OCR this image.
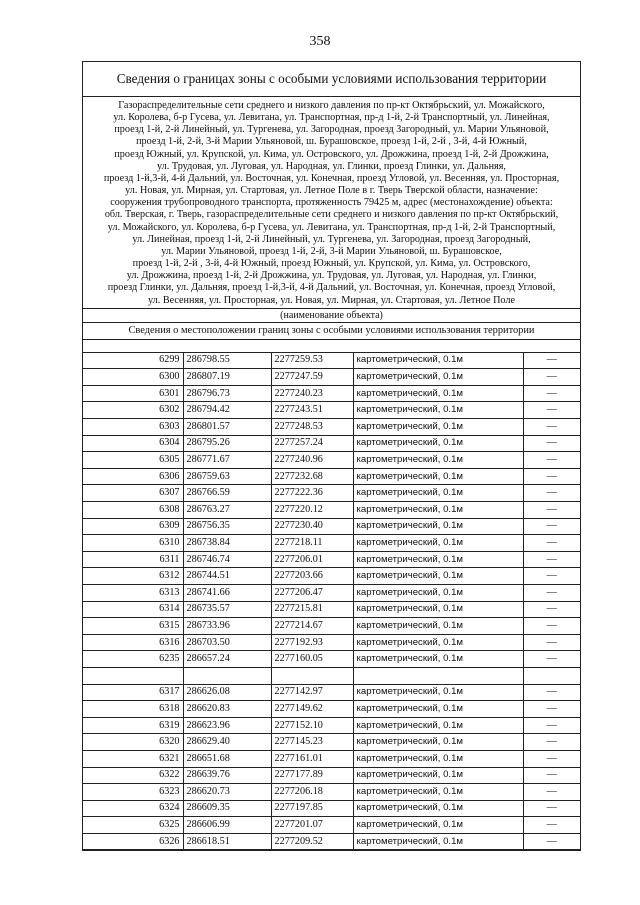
358
Сведения о границах зоны с особыми условиями использования территории
Газораспределительные сети среднего и низкого давления по пр-кт Октябрьский, ул. Можайского,
ул. Королева, б-р Гусева, ул. Левитана, ул. Транспортная, пр-д 1-й, 2-й Транспортный, ул. Линейная,
проезд 1-й, 2-й Линейный, ул. Тургенева, ул. Загородная, проезд Загородный, ул. Марии Ульяновой,
проезд 1-й, 2-й, 3-й Марии Ульяновой, ш. Бурашовское, проезд 1-й, 2-й , 3-й, 4-й Южный,
проезд Южный, ул. Крупской, ул. Кима, ул. Островского, ул. Дрожжина, проезд 1-й, 2-й Дрожжина,
ул. Трудовая, ул. Луговая, ул. Народная, ул. Глинки, проезд Глинки, ул. Дальняя,
проезд 1-й,3-й, 4-й Дальний, ул. Восточная, ул. Конечная, проезд Угловой, ул. Весенняя, ул. Просторная,
ул. Новая, ул. Мирная, ул. Стартовая, ул. Летное Поле в г. Тверь Тверской области, назначение:
сооружения трубопроводного транспорта, протяженность 79425 м, адрес (местонахождение) объекта:
обл. Тверская, г. Тверь, газораспределительные сети среднего и низкого давления по пр-кт Октябрьский,
ул. Можайского, ул. Королева, б-р Гусева, ул. Левитана, ул. Транспортная, пр-д 1-й, 2-й Транспортный,
ул. Линейная, проезд 1-й, 2-й Линейный, ул. Тургенева, ул. Загородная, проезд Загородный,
ул. Марии Ульяновой, проезд 1-й, 2-й, 3-й Марии Ульяновой, ш. Бурашовское,
проезд 1-й, 2-й , 3-й, 4-й Южный, проезд Южный, ул. Крупской, ул. Кима, ул. Островского,
ул. Дрожжина, проезд 1-й, 2-й Дрожжина, ул. Трудовая, ул. Луговая, ул. Народная, ул. Глинки,
проезд Глинки, ул. Дальняя, проезд 1-й,3-й, 4-й Дальний, ул. Восточная, ул. Конечная, проезд Угловой,
ул. Весенняя, ул. Просторная, ул. Новая, ул. Мирная, ул. Стартовая, ул. Летное Поле
(наименование объекта)
Сведения о местоположении границ зоны с особыми условиями использования территории
6299	286798.55	2277259.53	картометрический, 0.1м	—
6300	286807.19	2277247.59	картометрический, 0.1м	—
6301	286796.73	2277240.23	картометрический, 0.1м	—
6302	286794.42	2277243.51	картометрический, 0.1м	—
6303	286801.57	2277248.53	картометрический, 0.1м	—
6304	286795.26	2277257.24	картометрический, 0.1м	—
6305	286771.67	2277240.96	картометрический, 0.1м	—
6306	286759.63	2277232.68	картометрический, 0.1м	—
6307	286766.59	2277222.36	картометрический, 0.1м	—
6308	286763.27	2277220.12	картометрический, 0.1м	—
6309	286756.35	2277230.40	картометрический, 0.1м	—
6310	286738.84	2277218.11	картометрический, 0.1м	—
6311	286746.74	2277206.01	картометрический, 0.1м	—
6312	286744.51	2277203.66	картометрический, 0.1м	—
6313	286741.66	2277206.47	картометрический, 0.1м	—
6314	286735.57	2277215.81	картометрический, 0.1м	—
6315	286733.96	2277214.67	картометрический, 0.1м	—
6316	286703.50	2277192.93	картометрический, 0.1м	—
6235	286657.24	2277160.05	картометрический, 0.1м	—

6317	286626.08	2277142.97	картометрический, 0.1м	—
6318	286620.83	2277149.62	картометрический, 0.1м	—
6319	286623.96	2277152.10	картометрический, 0.1м	—
6320	286629.40	2277145.23	картометрический, 0.1м	—
6321	286651.68	2277161.01	картометрический, 0.1м	—
6322	286639.76	2277177.89	картометрический, 0.1м	—
6323	286620.73	2277206.18	картометрический, 0.1м	—
6324	286609.35	2277197.85	картометрический, 0.1м	—
6325	286606.99	2277201.07	картометрический, 0.1м	—
6326	286618.51	2277209.52	картометрический, 0.1м	—
